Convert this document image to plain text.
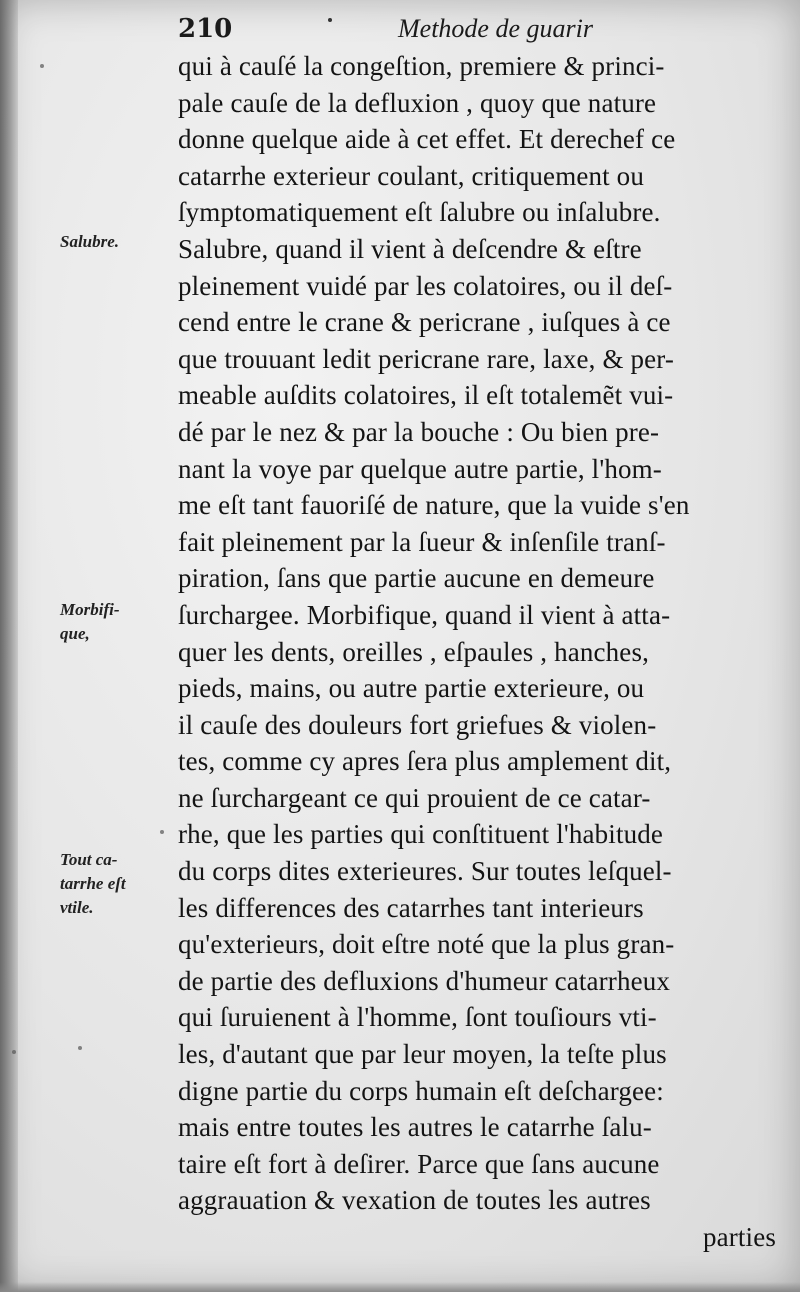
210	Methode de guarir
Salubre.
Morbifi-
que,
Tout ca-
tarrhe eſt
vtile.
qui à cauſé la congeſtion, premiere & princi-
pale cauſe de la defluxion , quoy que nature
donne quelque aide à cet effet. Et derechef ce
catarrhe exterieur coulant, critiquement ou
ſymptomatiquement eſt ſalubre ou inſalubre.
Salubre, quand il vient à deſcendre & eſtre
pleinement vuidé par les colatoires, ou il deſ-
cend entre le crane & pericrane , iuſques à ce
que trouuant ledit pericrane rare, laxe, & per-
meable auſdits colatoires, il eſt totalemẽt vui-
dé par le nez & par la bouche : Ou bien pre-
nant la voye par quelque autre partie, l'hom-
me eſt tant fauoriſé de nature, que la vuide s'en
fait pleinement par la ſueur & inſenſile tranſ-
piration, ſans que partie aucune en demeure
ſurchargee. Morbifique, quand il vient à atta-
quer les dents, oreilles , eſpaules , hanches,
pieds, mains, ou autre partie exterieure, ou
il cauſe des douleurs fort griefues & violen-
tes, comme cy apres ſera plus amplement dit,
ne ſurchargeant ce qui prouient de ce catar-
rhe, que les parties qui conſtituent l'habitude
du corps dites exterieures. Sur toutes leſquel-
les differences des catarrhes tant interieurs
qu'exterieurs, doit eſtre noté que la plus gran-
de partie des defluxions d'humeur catarrheux
qui ſuruienent à l'homme, ſont touſiours vti-
les, d'autant que par leur moyen, la teſte plus
digne partie du corps humain eſt deſchargee:
mais entre toutes les autres le catarrhe ſalu-
taire eſt fort à deſirer. Parce que ſans aucune
aggrauation & vexation de toutes les autres
parties
